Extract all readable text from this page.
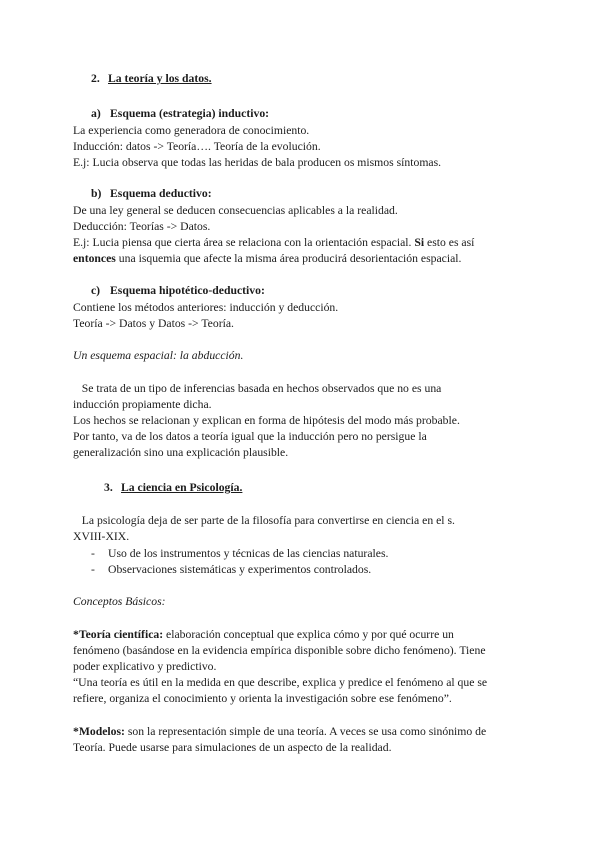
2. La teoría y los datos.
a) Esquema (estrategia) inductivo:
La experiencia como generadora de conocimiento.
Inducción: datos -> Teoría…. Teoría de la evolución.
E.j: Lucia observa que todas las heridas de bala producen os mismos síntomas.
b) Esquema deductivo:
De una ley general se deducen consecuencias aplicables a la realidad.
Deducción: Teorías -> Datos.
E.j: Lucia piensa que cierta área se relaciona con la orientación espacial. Si esto es así
entonces una isquemia que afecte la misma área producirá desorientación espacial.
c) Esquema hipotético-deductivo:
Contiene los métodos anteriores: inducción y deducción.
Teoría -> Datos y Datos -> Teoría.
Un esquema espacial: la abducción.
Se trata de un tipo de inferencias basada en hechos observados que no es una
inducción propiamente dicha.
Los hechos se relacionan y explican en forma de hipótesis del modo más probable.
Por tanto, va de los datos a teoría igual que la inducción pero no persigue la
generalización sino una explicación plausible.
3. La ciencia en Psicología.
La psicología deja de ser parte de la filosofía para convertirse en ciencia en el s.
XVIII-XIX.
- Uso de los instrumentos y técnicas de las ciencias naturales.
- Observaciones sistemáticas y experimentos controlados.
Conceptos Básicos:
*Teoría científica: elaboración conceptual que explica cómo y por qué ocurre un
fenómeno (basándose en la evidencia empírica disponible sobre dicho fenómeno). Tiene
poder explicativo y predictivo.
“Una teoría es útil en la medida en que describe, explica y predice el fenómeno al que se
refiere, organiza el conocimiento y orienta la investigación sobre ese fenómeno”.
*Modelos: son la representación simple de una teoría. A veces se usa como sinónimo de
Teoría. Puede usarse para simulaciones de un aspecto de la realidad.
